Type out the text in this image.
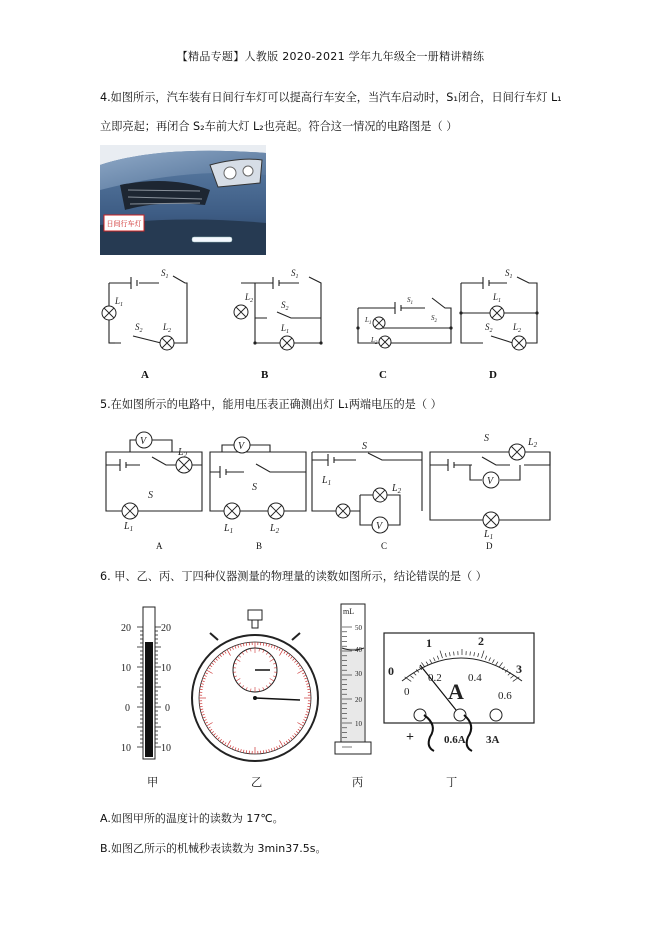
【精品专题】人教版 2020-2021 学年九年级全一册精讲精练
4.如图所示，汽车装有日间行车灯可以提高行车安全，当汽车启动时，S₁闭合，日间行车灯 L₁
立即亮起；再闭合 S₂车前大灯 L₂也亮起。符合这一情况的电路图是（ ）
日间行车灯
$S_1$
$L_1$
$S_2$ $L_2$
$S_1$
$L_2$	$S_2$
$L_1$
$S_1$
$S_2$
$L_1$
$L_2$
$S_1$
$L_1$
$S_2$ $L_2$
A	B	C	D
5.在如图所示的电路中，能用电压表正确测出灯 L₁两端电压的是（ ）
V	V
V
V
S
$L_2$
$L_1$
S
$L_1$	$L_2$
S
$L_1$	$L_2$
S	$L_2$
$L_1$
A	B	C	D
6. 甲、乙、丙、丁四种仪器测量的物理量的读数如图所示，结论错误的是（ ）
20
10
0
10
20
10
0
10
mL
50
40
30
20
10
0
1	2
3
0
0.2 0.4
0.6
A
+	0.6A 3A
甲	乙	丙	丁
A.如图甲所的温度计的读数为 17℃。
B.如图乙所示的机械秒表读数为 3min37.5s。
